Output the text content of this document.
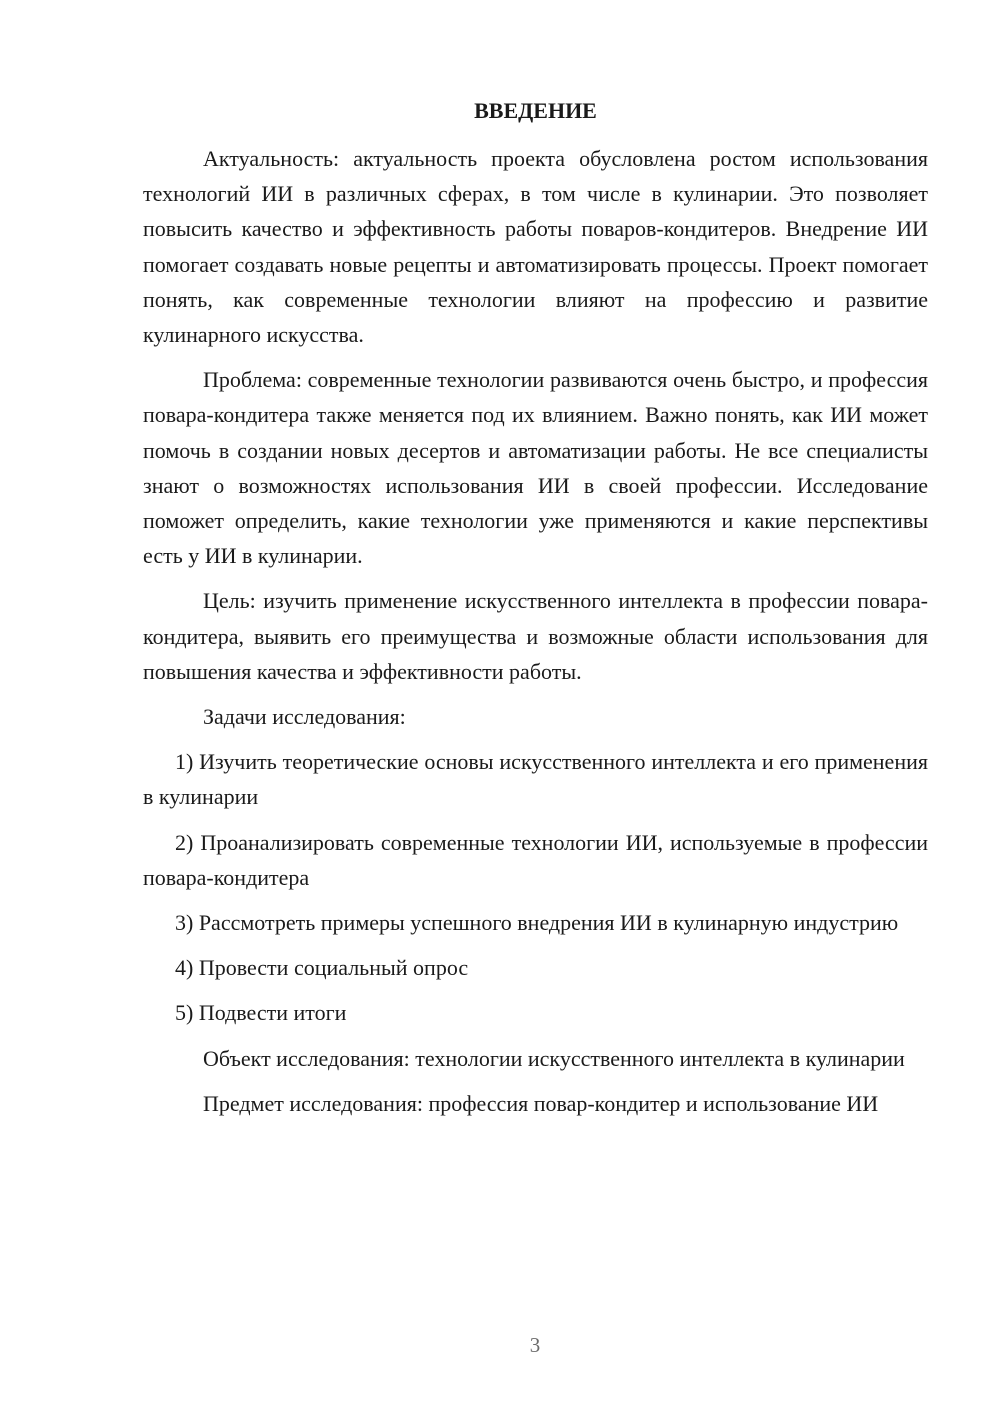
ВВЕДЕНИЕ

Актуальность: актуальность проекта обусловлена ростом использования технологий ИИ в различных сферах, в том числе в кулинарии. Это позволяет повысить качество и эффективность работы поваров-кондитеров. Внедрение ИИ помогает создавать новые рецепты и автоматизировать процессы. Проект помогает понять, как современные технологии влияют на профессию и развитие кулинарного искусства.

Проблема: современные технологии развиваются очень быстро, и профессия повара-кондитера также меняется под их влиянием. Важно понять, как ИИ может помочь в создании новых десертов и автоматизации работы. Не все специалисты знают о возможностях использования ИИ в своей профессии. Исследование поможет определить, какие технологии уже применяются и какие перспективы есть у ИИ в кулинарии.

Цель: изучить применение искусственного интеллекта в профессии повара-кондитера, выявить его преимущества и возможные области использования для повышения качества и эффективности работы.

Задачи исследования:

1) Изучить теоретические основы искусственного интеллекта и его применения в кулинарии

2) Проанализировать современные технологии ИИ, используемые в профессии повара-кондитера

3) Рассмотреть примеры успешного внедрения ИИ в кулинарную индустрию

4) Провести социальный опрос

5) Подвести итоги

Объект исследования: технологии искусственного интеллекта в кулинарии

Предмет исследования: профессия повар-кондитер и использование ИИ

3
